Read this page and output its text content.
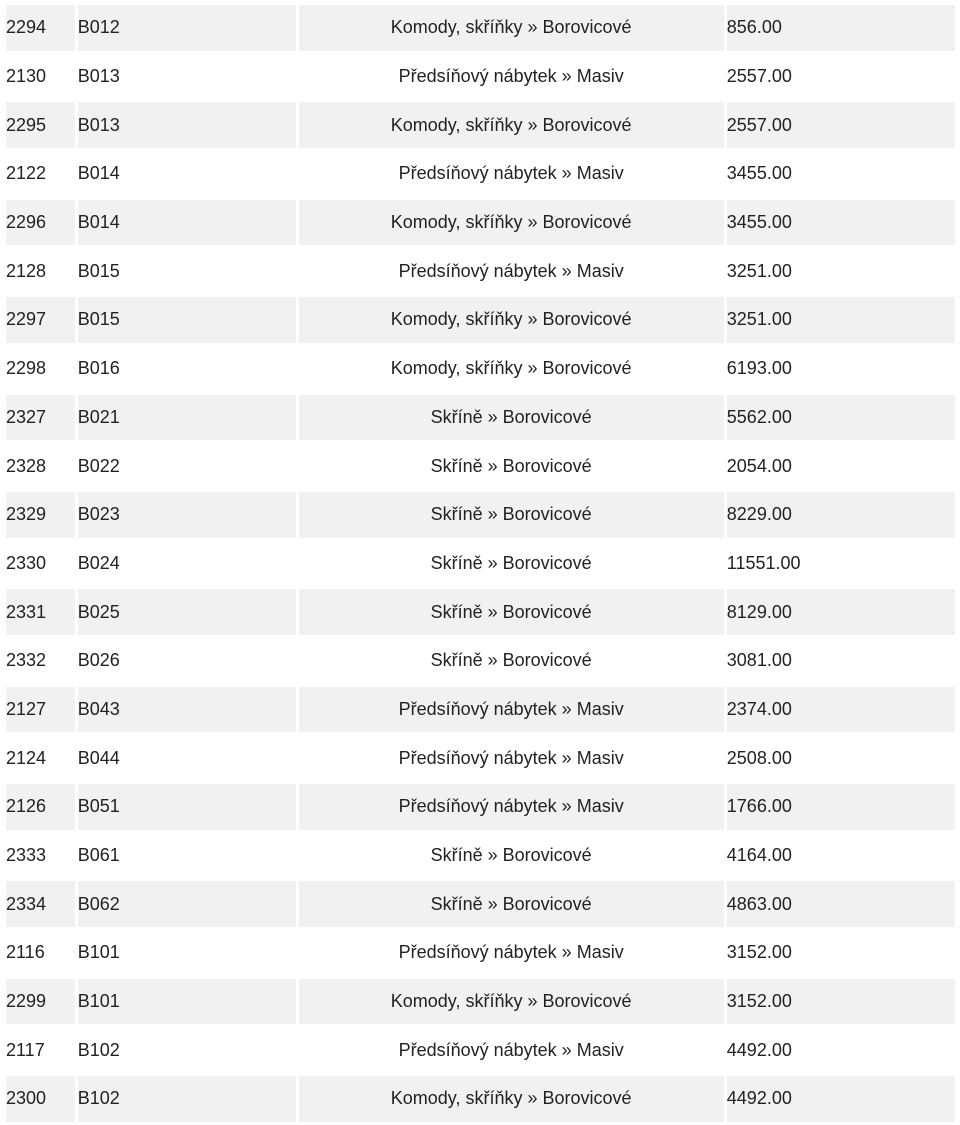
2294	B012	Komody, skříňky » Borovicové	856.00
2130	B013	Předsíňový nábytek » Masiv	2557.00
2295	B013	Komody, skříňky » Borovicové	2557.00
2122	B014	Předsíňový nábytek » Masiv	3455.00
2296	B014	Komody, skříňky » Borovicové	3455.00
2128	B015	Předsíňový nábytek » Masiv	3251.00
2297	B015	Komody, skříňky » Borovicové	3251.00
2298	B016	Komody, skříňky » Borovicové	6193.00
2327	B021	Skříně » Borovicové	5562.00
2328	B022	Skříně » Borovicové	2054.00
2329	B023	Skříně » Borovicové	8229.00
2330	B024	Skříně » Borovicové	11551.00
2331	B025	Skříně » Borovicové	8129.00
2332	B026	Skříně » Borovicové	3081.00
2127	B043	Předsíňový nábytek » Masiv	2374.00
2124	B044	Předsíňový nábytek » Masiv	2508.00
2126	B051	Předsíňový nábytek » Masiv	1766.00
2333	B061	Skříně » Borovicové	4164.00
2334	B062	Skříně » Borovicové	4863.00
2116	B101	Předsíňový nábytek » Masiv	3152.00
2299	B101	Komody, skříňky » Borovicové	3152.00
2117	B102	Předsíňový nábytek » Masiv	4492.00
2300	B102	Komody, skříňky » Borovicové	4492.00
